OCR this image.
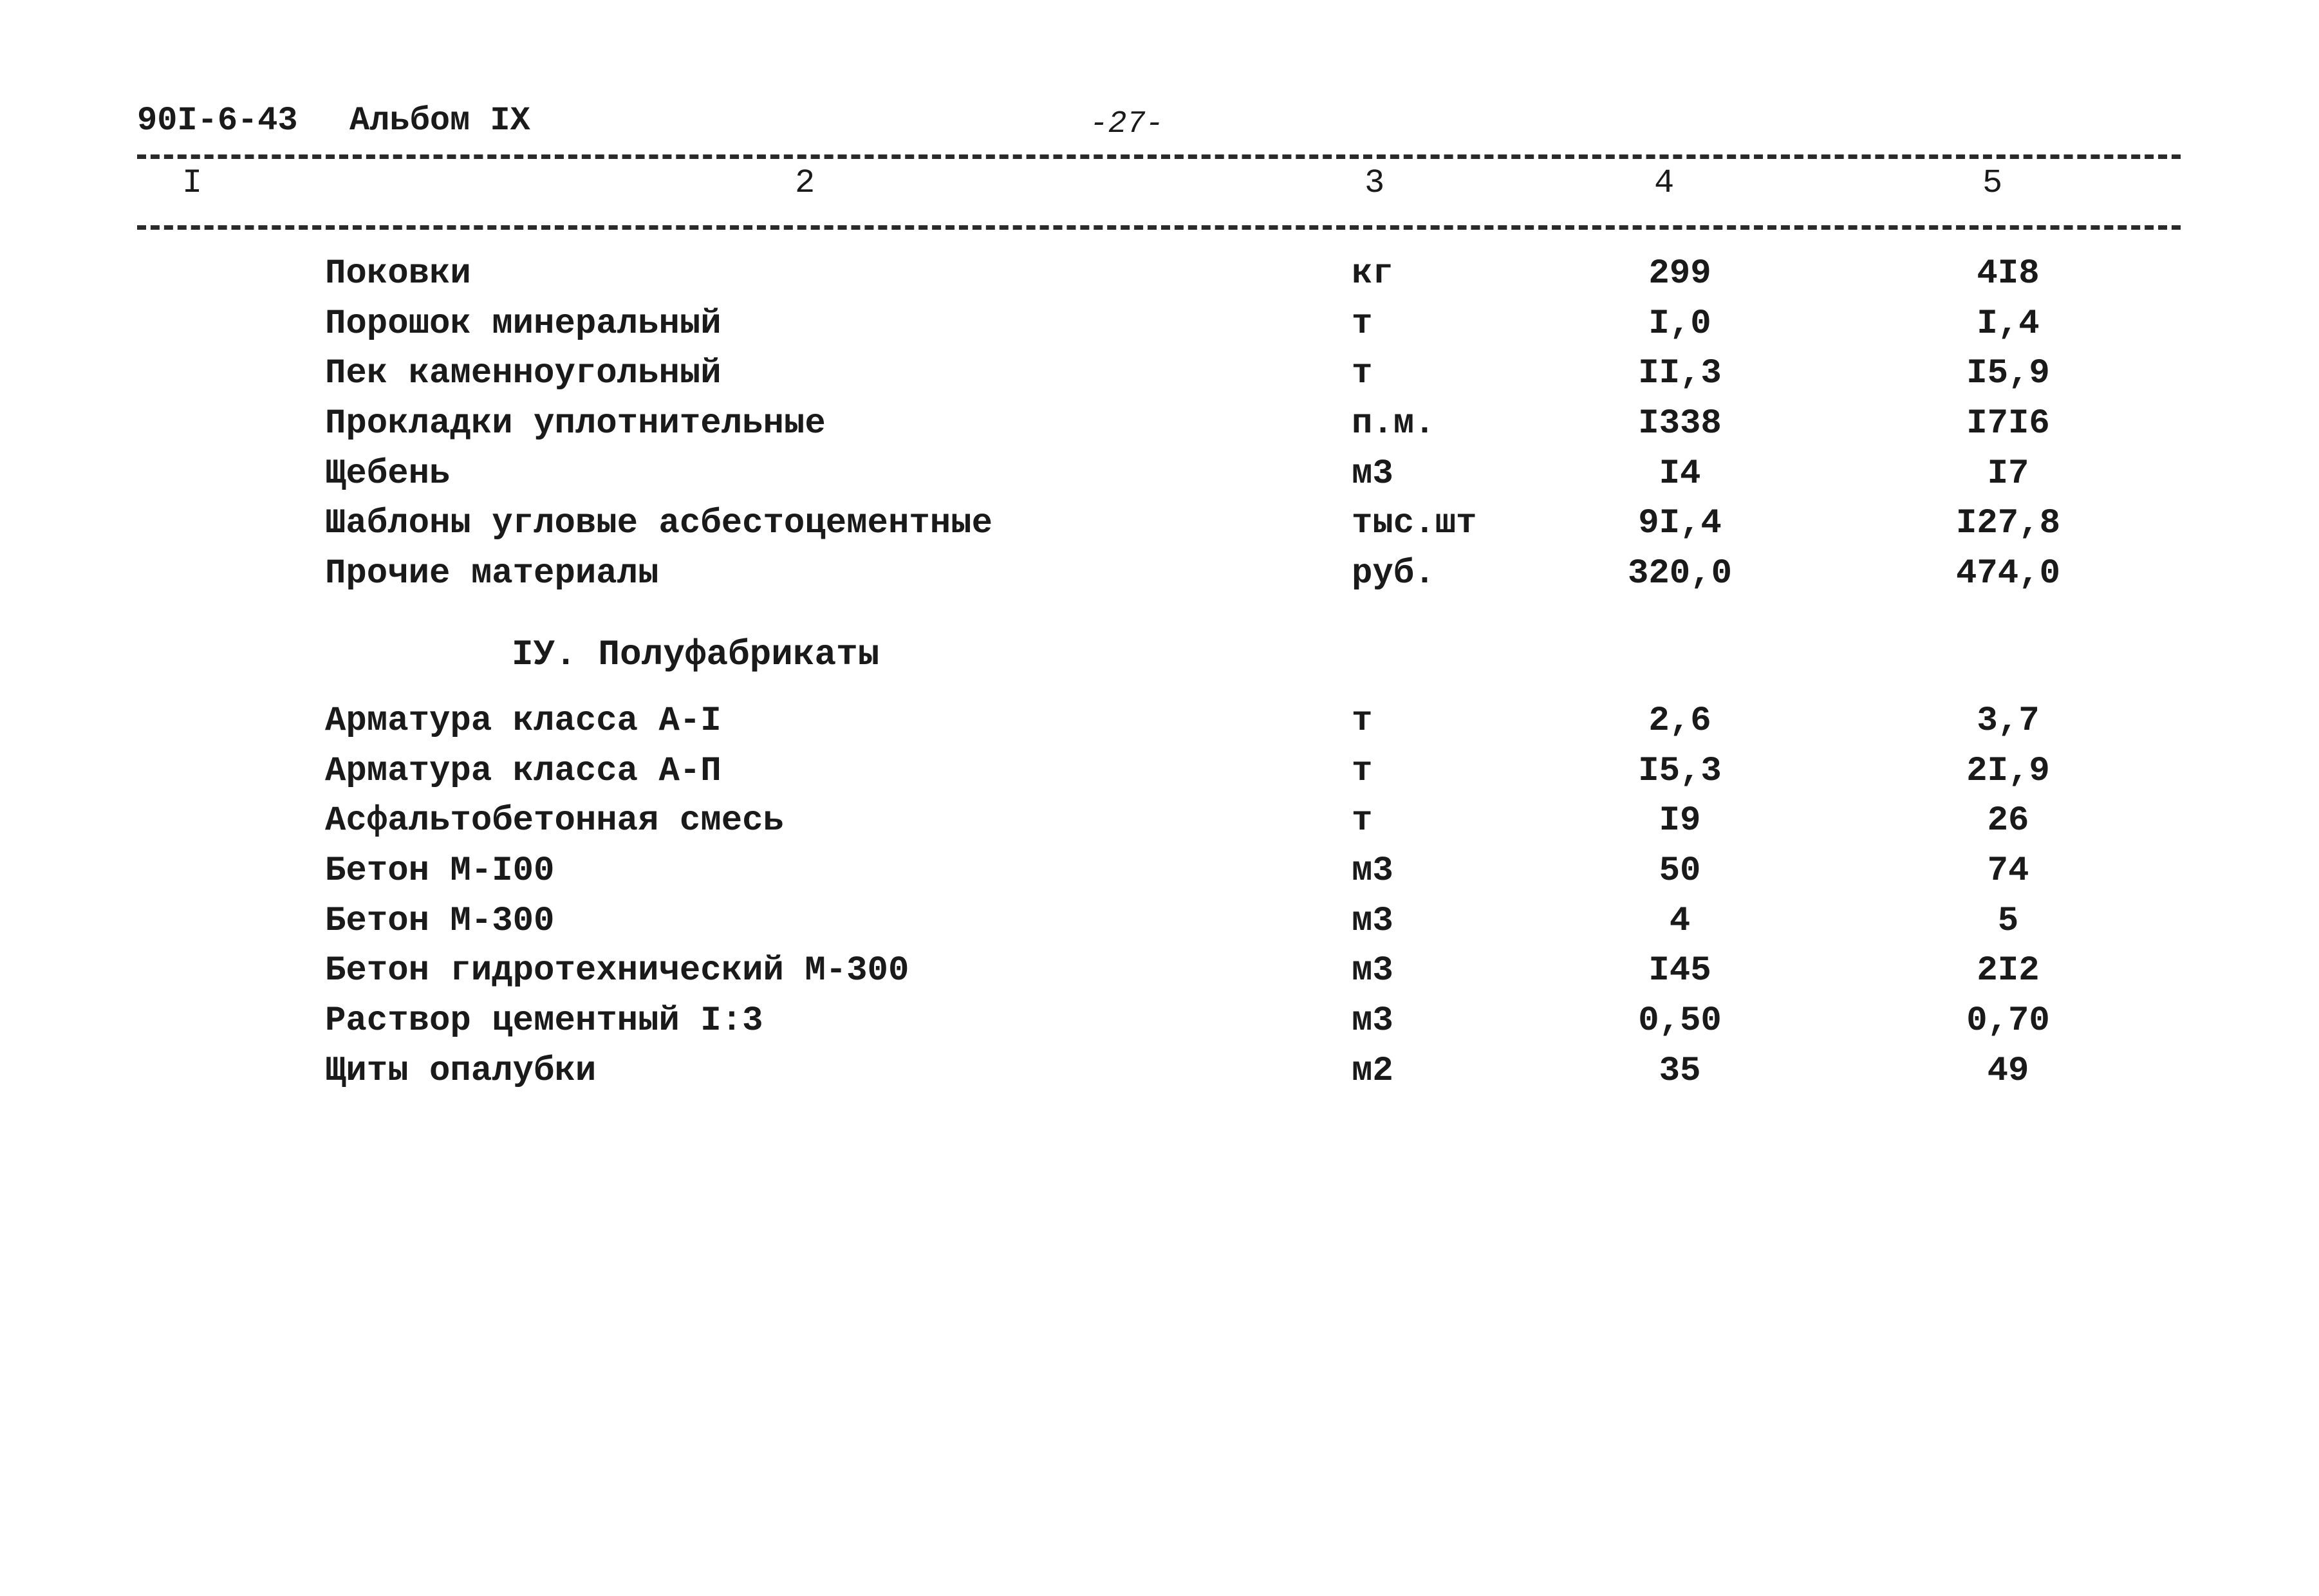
90I-6-43 Альбом IX	-27-
I	2	3	4	5
Поковки	кг	299	4I8
Порошок минеральный	т	I,0	I,4
Пек каменноугольный	т	II,3	I5,9
Прокладки уплотнительные	п.м.	I338	I7I6
Щебень	м3	I4	I7
Шаблоны угловые асбестоцементные	тыс.шт	9I,4	I27,8
Прочие материалы	руб.	320,0	474,0
IУ. Полуфабрикаты
Арматура класса А-I	т	2,6	3,7
Арматура класса А-П	т	I5,3	2I,9
Асфальтобетонная смесь	т	I9	26
Бетон М-I00	м3	50	74
Бетон М-300	м3	4	5
Бетон гидротехнический М-300	м3	I45	2I2
Раствор цементный I:3	м3	0,50	0,70
Щиты опалубки	м2	35	49
